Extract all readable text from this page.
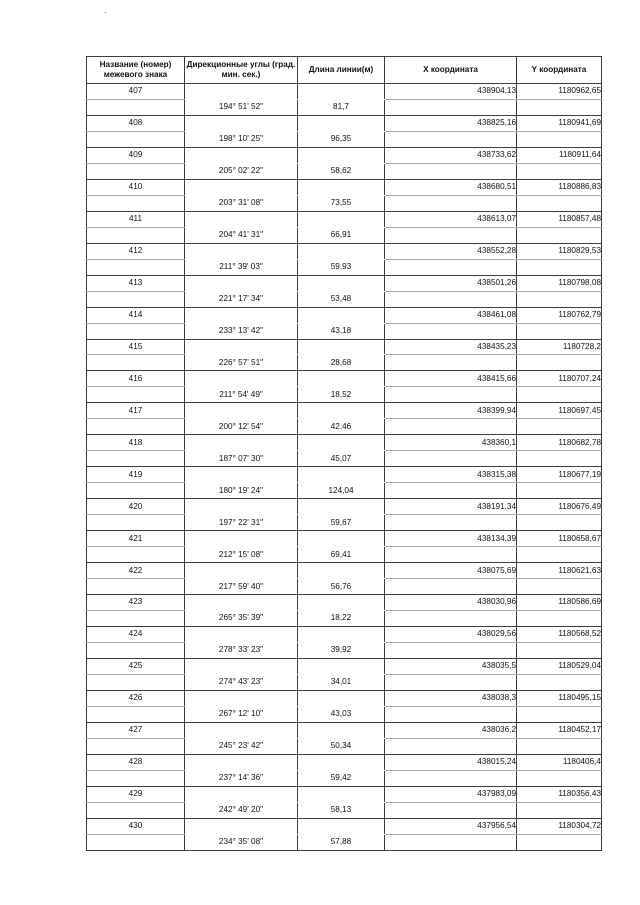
Название (номер) межевого знака	Дирекционные углы (град. мин. сек.)	Длина линии(м)	X координата	Y координата
407			438904,13	1180962,65
	194° 51' 52"	81,7		
408			438825,16	1180941,69
	198° 10' 25"	96,35		
409			438733,62	1180911,64
	205° 02' 22"	58,62		
410			438680,51	1180886,83
	203° 31' 08"	73,55		
411			438613,07	1180857,48
	204° 41' 31"	66,91		
412			438552,28	1180829,53
	211° 39' 03"	59,93		
413			438501,26	1180798,08
	221° 17' 34"	53,48		
414			438461,08	1180762,79
	233° 13' 42"	43,18		
415			438435,23	1180728,2
	226° 57' 51"	28,68		
416			438415,66	1180707,24
	211° 54' 49"	18,52		
417			438399,94	1180697,45
	200° 12' 54"	42,46		
418			438360,1	1180682,78
	187° 07' 30"	45,07		
419			438315,38	1180677,19
	180° 19' 24"	124,04		
420			438191,34	1180676,49
	197° 22' 31"	59,67		
421			438134,39	1180658,67
	212° 15' 08"	69,41		
422			438075,69	1180621,63
	217° 59' 40"	56,76		
423			438030,96	1180586,69
	265° 35' 39"	18,22		
424			438029,56	1180568,52
	278° 33' 23"	39,92		
425			438035,5	1180529,04
	274° 43' 23"	34,01		
426			438038,3	1180495,15
	267° 12' 10"	43,03		
427			438036,2	1180452,17
	245° 23' 42"	50,34		
428			438015,24	1180406,4
	237° 14' 36"	59,42		
429			437983,09	1180356,43
	242° 49' 20"	58,13		
430			437956,54	1180304,72
	234° 35' 08"	57,88		
